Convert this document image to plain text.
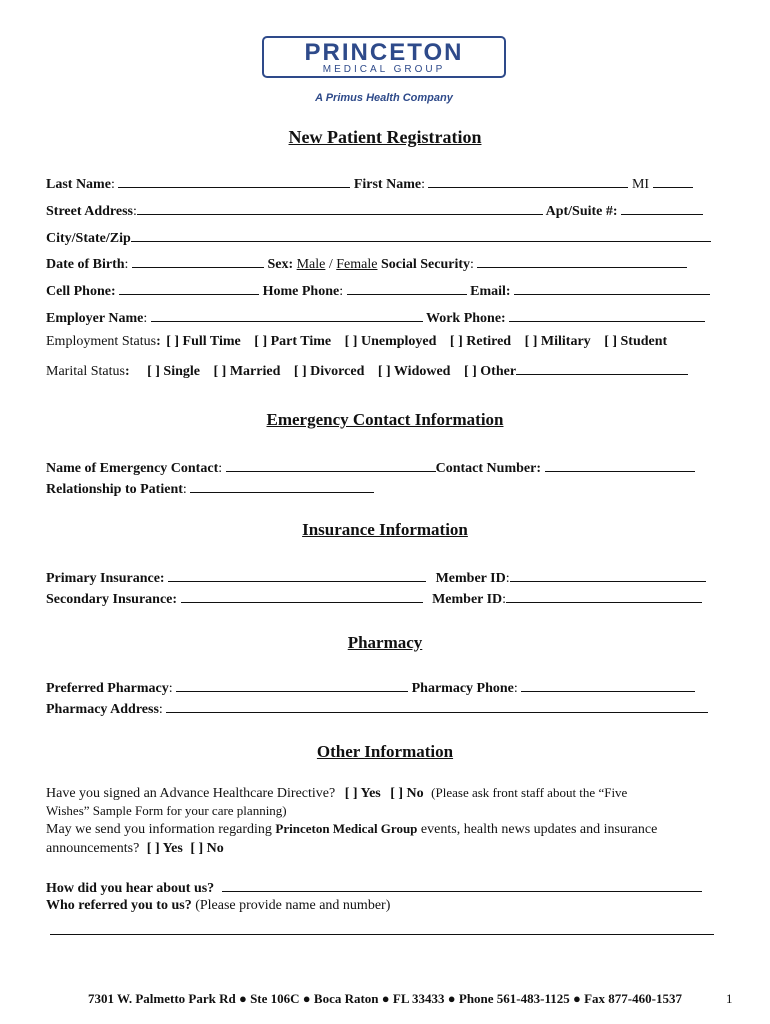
PRINCETON
MEDICAL GROUP
A Primus Health Company
New Patient Registration
Last Name:	First Name:	MI
Street Address:	Apt/Suite #:
City/State/Zip
Date of Birth:	Sex: Male / Female Social Security:
Cell Phone:	Home Phone:	Email:
Employer Name:	Work Phone:
Employment Status: [ ] Full Time [ ] Part Time [ ] Unemployed [ ] Retired [ ] Military [ ] Student
Marital Status: [ ] Single [ ] Married [ ] Divorced [ ] Widowed [ ] Other
Emergency Contact Information
Name of Emergency Contact:	Contact Number:
Relationship to Patient:
Insurance Information
Primary Insurance:	Member ID:
Secondary Insurance:	Member ID:
Pharmacy
Preferred Pharmacy:	Pharmacy Phone:
Pharmacy Address:
Other Information
Have you signed an Advance Healthcare Directive? [ ] Yes [ ] No (Please ask front staff about the “Five
Wishes” Sample Form for your care planning)
May we send you information regarding Princeton Medical Group events, health news updates and insurance
announcements? [ ] Yes [ ] No
How did you hear about us?
Who referred you to us? (Please provide name and number)
7301 W. Palmetto Park Rd ● Ste 106C ● Boca Raton ● FL 33433 ● Phone 561-483-1125 ● Fax 877-460-1537	1
